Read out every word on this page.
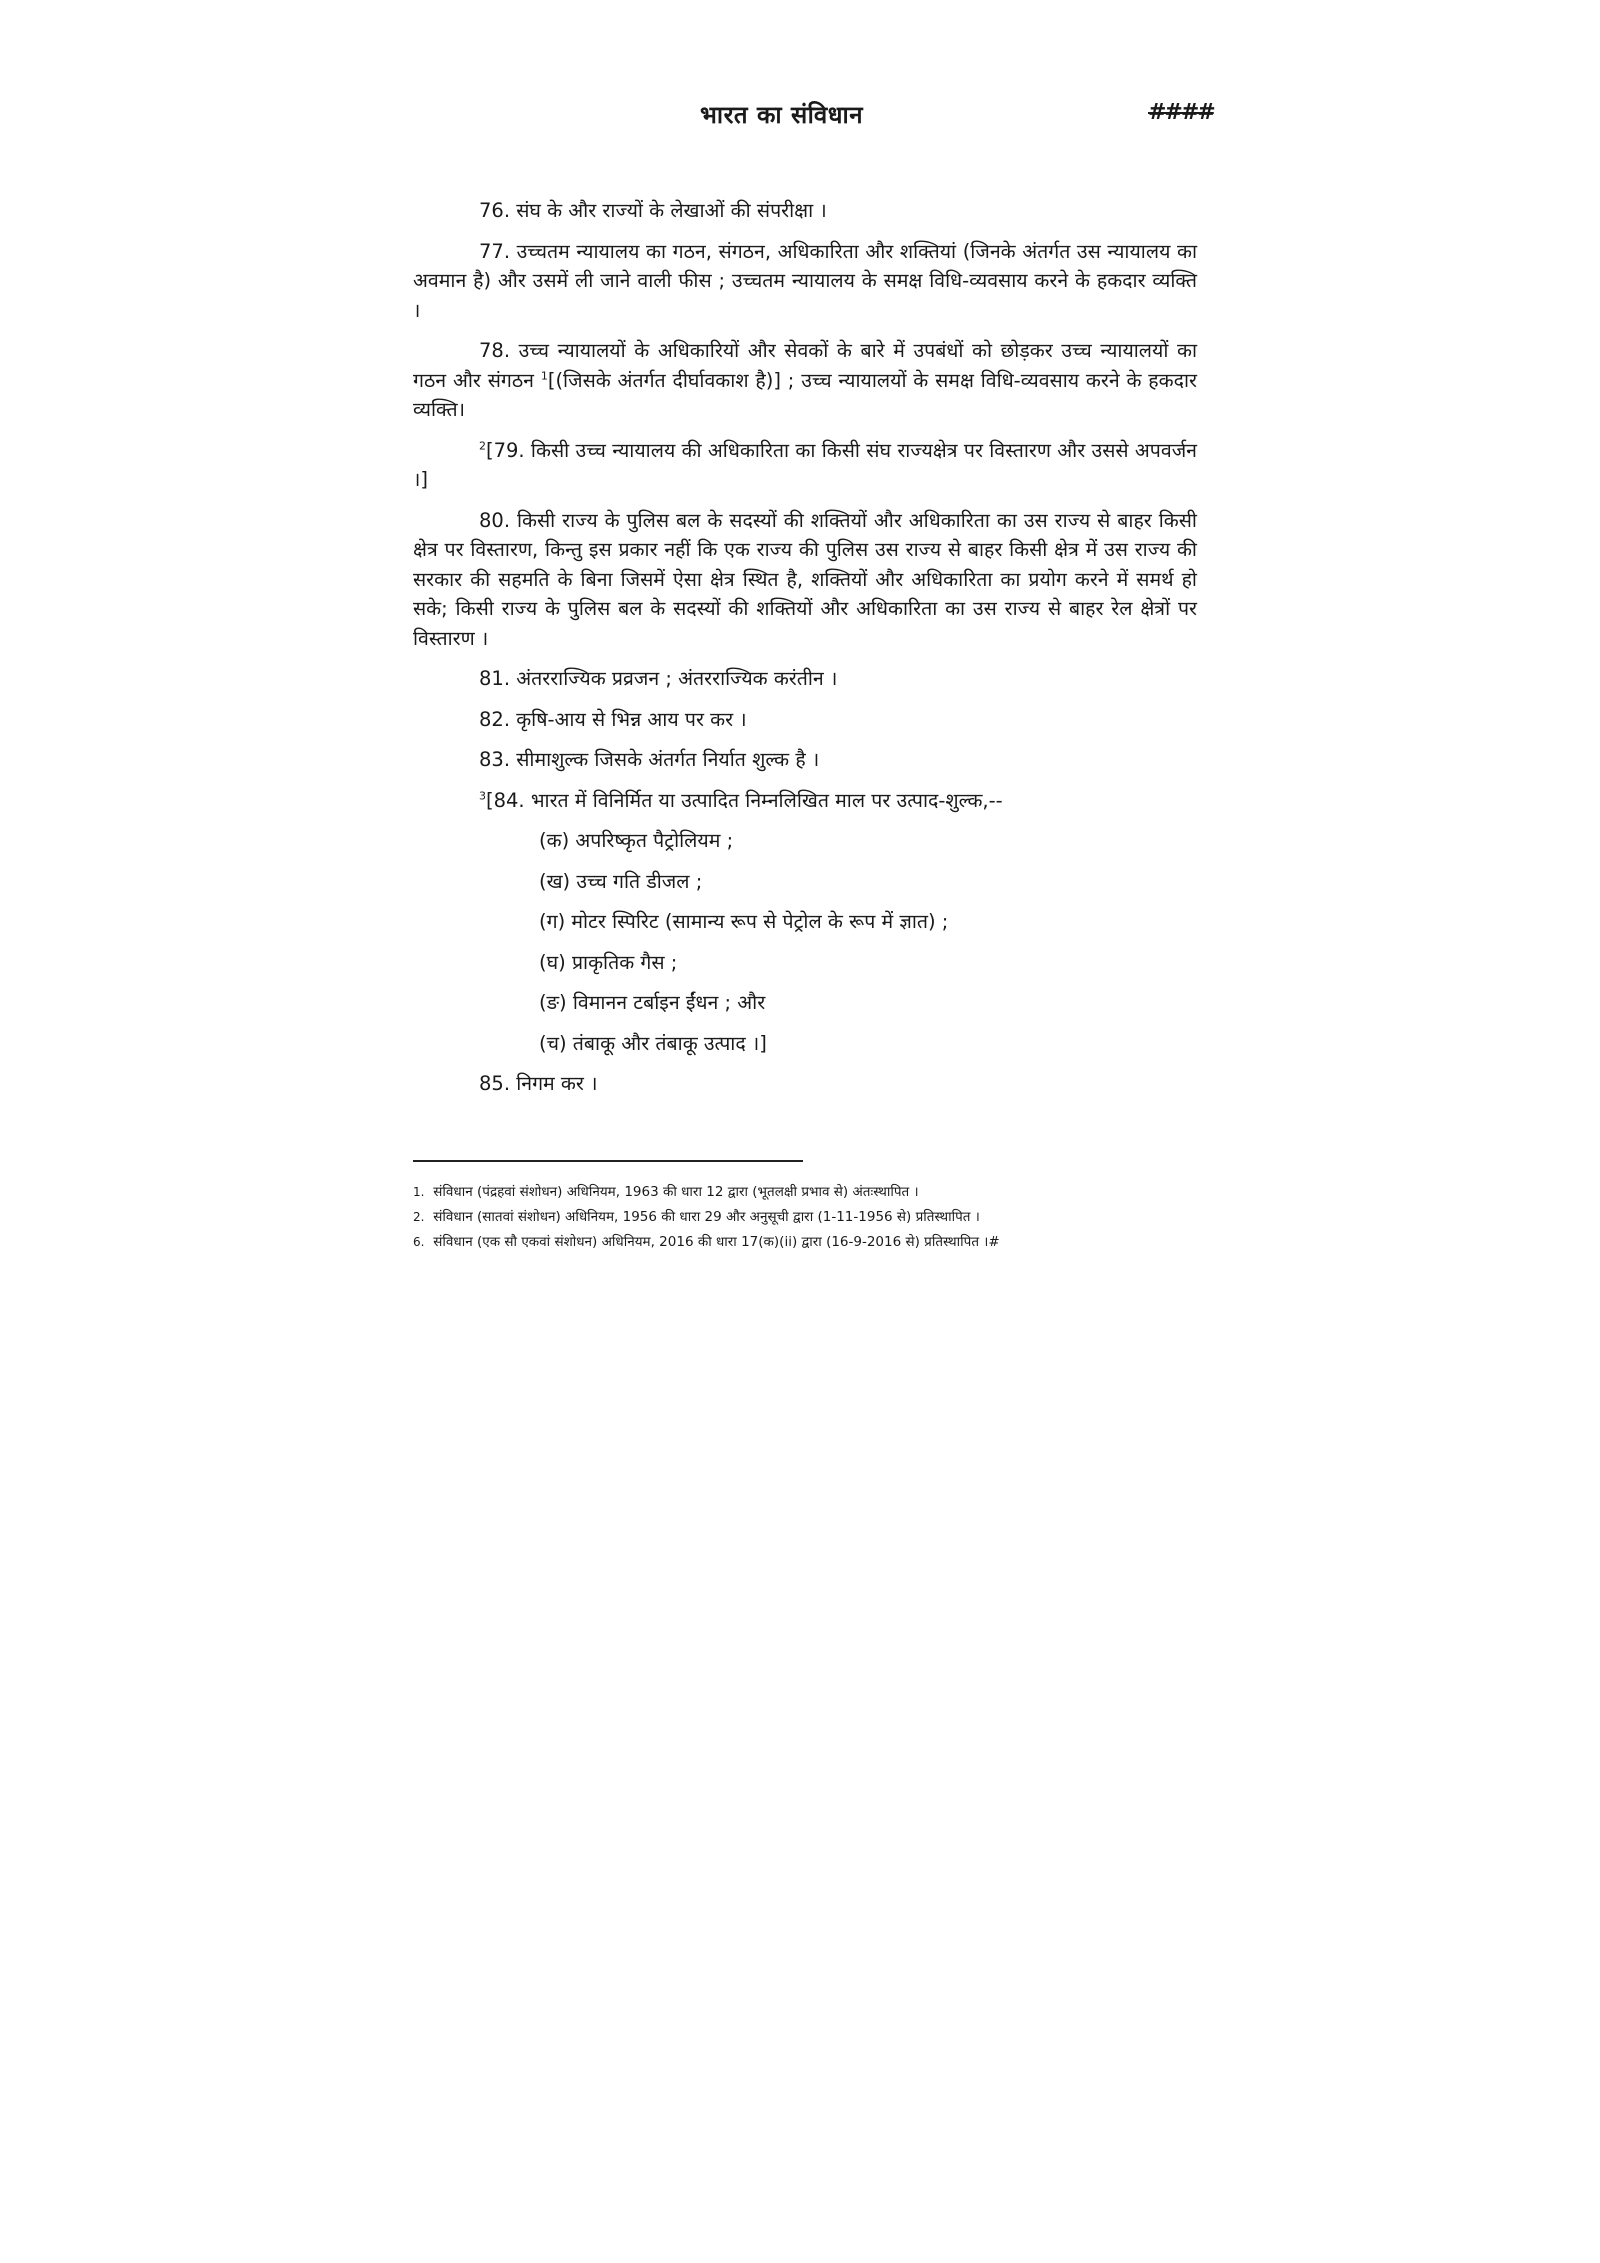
भारत का संविधान	####

76. संघ के और राज्यों के लेखाओं की संपरीक्षा ।

77. उच्चतम न्यायालय का गठन, संगठन, अधिकारिता और शक्तियां (जिनके अंतर्गत उस न्यायालय का अवमान है) और उसमें ली जाने वाली फीस ; उच्चतम न्यायालय के समक्ष विधि-व्यवसाय करने के हकदार व्यक्ति ।

78. उच्च न्यायालयों के अधिकारियों और सेवकों के बारे में उपबंधों को छोड़कर उच्च न्यायालयों का गठन और संगठन $^1$[(जिसके अंतर्गत दीर्घावकाश है)] ; उच्च न्यायालयों के समक्ष विधि-व्यवसाय करने के हकदार व्यक्ति।

$^2$[79. किसी उच्च न्यायालय की अधिकारिता का किसी संघ राज्यक्षेत्र पर विस्तारण और उससे अपवर्जन ।]

80. किसी राज्य के पुलिस बल के सदस्यों की शक्तियों और अधिकारिता का उस राज्य से बाहर किसी क्षेत्र पर विस्तारण, किन्तु इस प्रकार नहीं कि एक राज्य की पुलिस उस राज्य से बाहर किसी क्षेत्र में उस राज्य की सरकार की सहमति के बिना जिसमें ऐसा क्षेत्र स्थित है, शक्तियों और अधिकारिता का प्रयोग करने में समर्थ हो सके; किसी राज्य के पुलिस बल के सदस्यों की शक्तियों और अधिकारिता का उस राज्य से बाहर रेल क्षेत्रों पर विस्तारण ।

81. अंतरराज्यिक प्रव्रजन ; अंतरराज्यिक करंतीन ।

82. कृषि-आय से भिन्न आय पर कर ।

83. सीमाशुल्क जिसके अंतर्गत निर्यात शुल्क है ।

$^3$[84. भारत में विनिर्मित या उत्पादित निम्नलिखित माल पर उत्पाद-शुल्क,--

(क) अपरिष्कृत पैट्रोलियम ;

(ख) उच्च गति डीजल ;

(ग) मोटर स्पिरिट (सामान्य रूप से पेट्रोल के रूप में ज्ञात) ;

(घ) प्राकृतिक गैस ;

(ङ) विमानन टर्बाइन ईंधन ; और

(च) तंबाकू और तंबाकू उत्पाद ।]

85. निगम कर ।

1. संविधान (पंद्रहवां संशोधन) अधिनियम, 1963 की धारा 12 द्वारा (भूतलक्षी प्रभाव से) अंतःस्थापित ।
2. संविधान (सातवां संशोधन) अधिनियम, 1956 की धारा 29 और अनुसूची द्वारा (1-11-1956 से) प्रतिस्थापित ।
6. संविधान (एक सौ एकवां संशोधन) अधिनियम, 2016 की धारा 17(क)(ii) द्वारा (16-9-2016 से) प्रतिस्थापित ।#
